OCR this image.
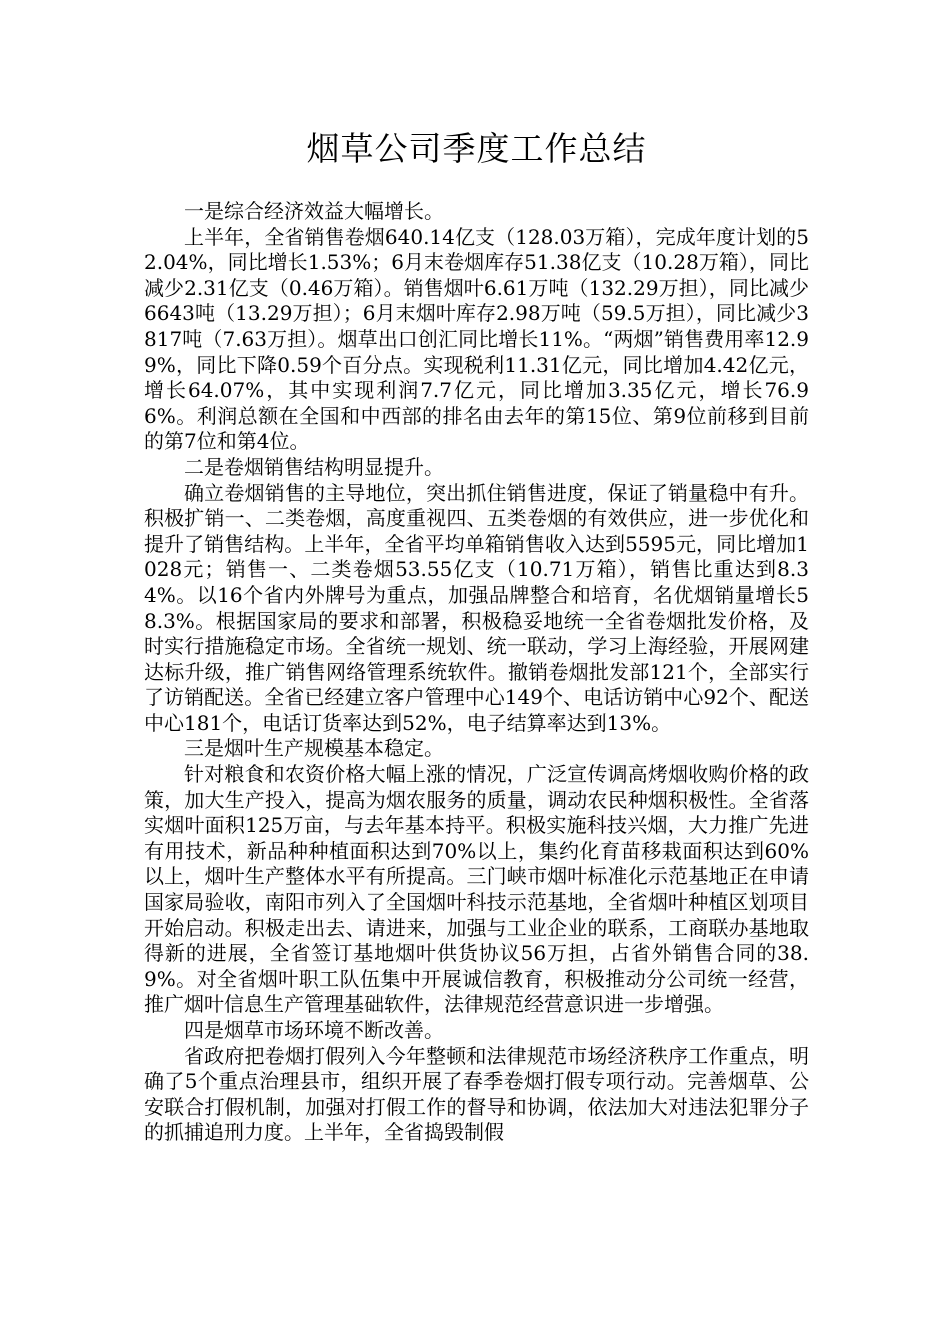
烟草公司季度工作总结

一是综合经济效益大幅增长。

上半年，全省销售卷烟640.14亿支（128.03万箱），完成年度计划的52.04%，同比增长1.53%；6月末卷烟库存51.38亿支（10.28万箱），同比减少2.31亿支（0.46万箱）。销售烟叶6.61万吨（132.29万担），同比减少6643吨（13.29万担）；6月末烟叶库存2.98万吨（59.5万担），同比减少3817吨（7.63万担）。烟草出口创汇同比增长11%。“两烟”销售费用率12.99%，同比下降0.59个百分点。实现税利11.31亿元，同比增加4.42亿元，增长64.07%，其中实现利润7.7亿元，同比增加3.35亿元，增长76.96%。利润总额在全国和中西部的排名由去年的第15位、第9位前移到目前的第7位和第4位。

二是卷烟销售结构明显提升。

确立卷烟销售的主导地位，突出抓住销售进度，保证了销量稳中有升。积极扩销一、二类卷烟，高度重视四、五类卷烟的有效供应，进一步优化和提升了销售结构。上半年，全省平均单箱销售收入达到5595元，同比增加1028元；销售一、二类卷烟53.55亿支（10.71万箱），销售比重达到8.34%。以16个省内外牌号为重点，加强品牌整合和培育，名优烟销量增长58.3%。根据国家局的要求和部署，积极稳妥地统一全省卷烟批发价格，及时实行措施稳定市场。全省统一规划、统一联动，学习上海经验，开展网建达标升级，推广销售网络管理系统软件。撤销卷烟批发部121个，全部实行了访销配送。全省已经建立客户管理中心149个、电话访销中心92个、配送中心181个，电话订货率达到52%，电子结算率达到13%。

三是烟叶生产规模基本稳定。

针对粮食和农资价格大幅上涨的情况，广泛宣传调高烤烟收购价格的政策，加大生产投入，提高为烟农服务的质量，调动农民种烟积极性。全省落实烟叶面积125万亩，与去年基本持平。积极实施科技兴烟，大力推广先进有用技术，新品种种植面积达到70%以上，集约化育苗移栽面积达到60%以上，烟叶生产整体水平有所提高。三门峡市烟叶标准化示范基地正在申请国家局验收，南阳市列入了全国烟叶科技示范基地，全省烟叶种植区划项目开始启动。积极走出去、请进来，加强与工业企业的联系，工商联办基地取得新的进展，全省签订基地烟叶供货协议56万担，占省外销售合同的38.9%。对全省烟叶职工队伍集中开展诚信教育，积极推动分公司统一经营，推广烟叶信息生产管理基础软件，法律规范经营意识进一步增强。

四是烟草市场环境不断改善。

省政府把卷烟打假列入今年整顿和法律规范市场经济秩序工作重点，明确了5个重点治理县市，组织开展了春季卷烟打假专项行动。完善烟草、公安联合打假机制，加强对打假工作的督导和协调，依法加大对违法犯罪分子的抓捕追刑力度。上半年，全省捣毁制假
